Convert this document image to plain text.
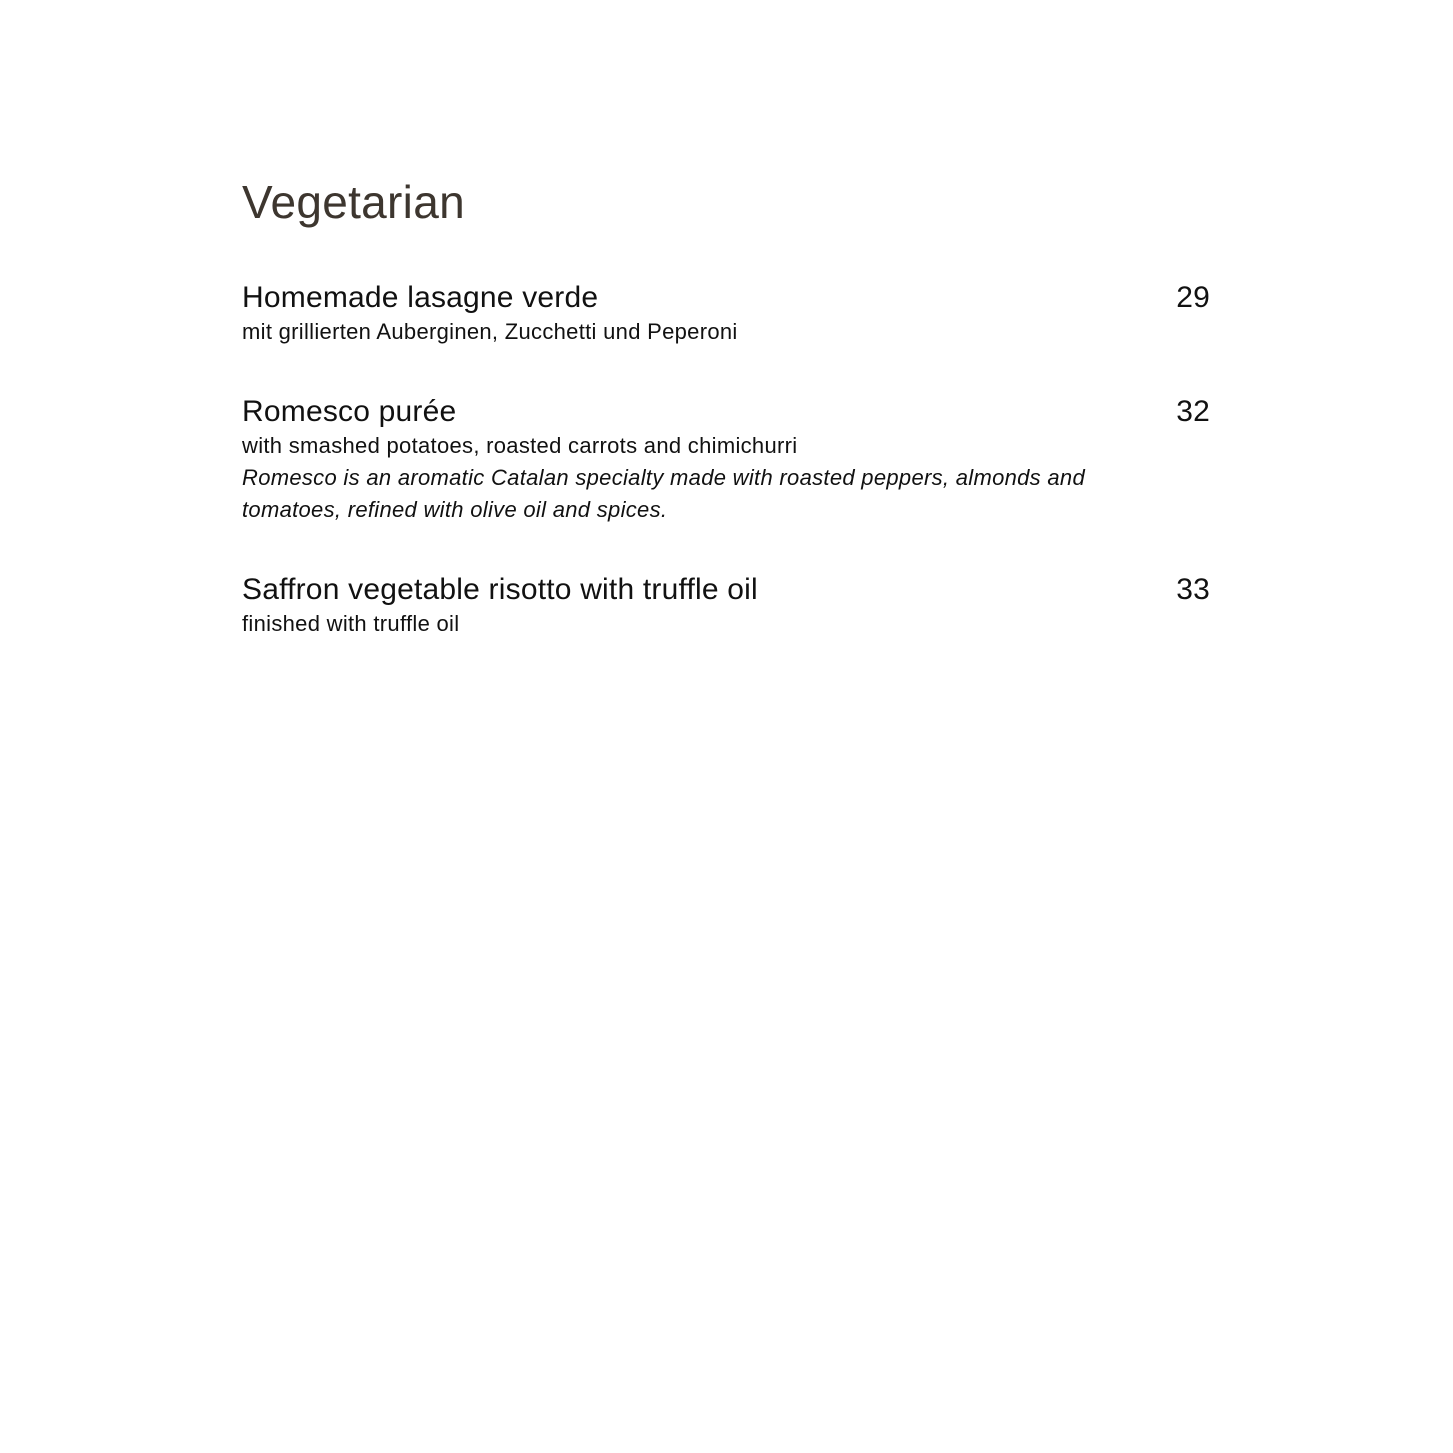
Vegetarian
Homemade lasagne verde	29
mit grillierten Auberginen, Zucchetti und Peperoni
Romesco purée	32
with smashed potatoes, roasted carrots and chimichurri
Romesco is an aromatic Catalan specialty made with roasted peppers, almonds and tomatoes, refined with olive oil and spices.
Saffron vegetable risotto with truffle oil	33
finished with truffle oil
